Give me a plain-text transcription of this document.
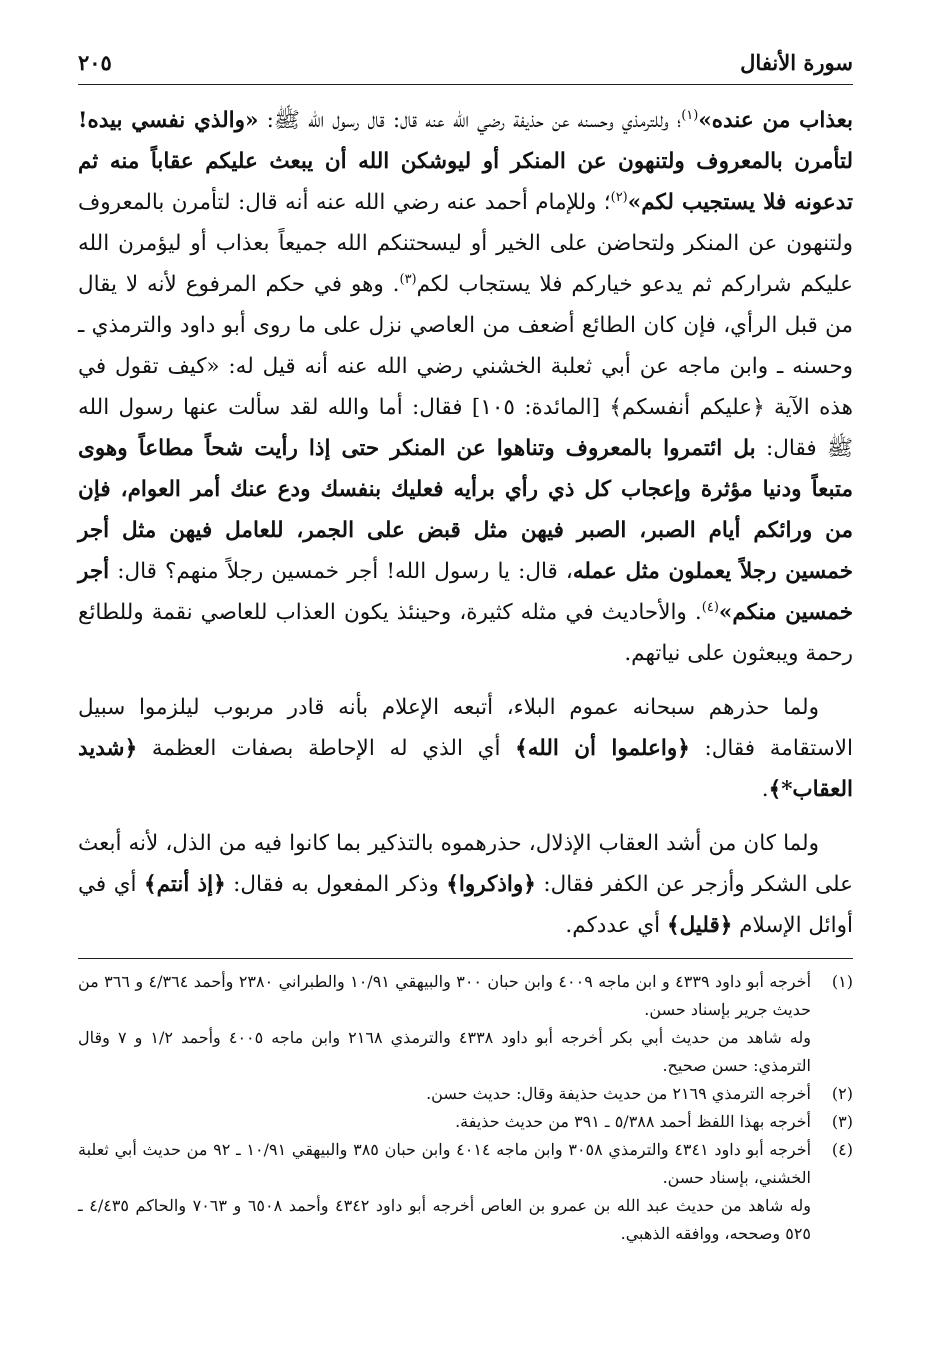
سورة الأنفال
٢٠٥

بعذاب من عنده»$^{(١)}$؛ وللترمذي وحسنه عن حذيفة رضي الله عنه قال: قال رسول الله ﷺ: «والذي نفسي بيده! لتأمرن بالمعروف ولتنهون عن المنكر أو ليوشكن الله أن يبعث عليكم عقاباً منه ثم تدعونه فلا يستجيب لكم»$^{(٢)}$؛ وللإمام أحمد عنه رضي الله عنه أنه قال: لتأمرن بالمعروف ولتنهون عن المنكر ولتحاضن على الخير أو ليسحتنكم الله جميعاً بعذاب أو ليؤمرن الله عليكم شراركم ثم يدعو خياركم فلا يستجاب لكم$^{(٣)}$. وهو في حكم المرفوع لأنه لا يقال من قبل الرأي، فإن كان الطائع أضعف من العاصي نزل على ما روى أبو داود والترمذي ـ وحسنه ـ وابن ماجه عن أبي ثعلبة الخشني رضي الله عنه أنه قيل له: «كيف تقول في هذه الآية ﴿عليكم أنفسكم﴾ [المائدة: ١٠٥] فقال: أما والله لقد سألت عنها رسول الله ﷺ فقال: بل ائتمروا بالمعروف وتناهوا عن المنكر حتى إذا رأيت شحاً مطاعاً وهوى متبعاً ودنيا مؤثرة وإعجاب كل ذي رأي برأيه فعليك بنفسك ودع عنك أمر العوام، فإن من ورائكم أيام الصبر، الصبر فيهن مثل قبض على الجمر، للعامل فيهن مثل أجر خمسين رجلاً يعملون مثل عمله، قال: يا رسول الله! أجر خمسين رجلاً منهم؟ قال: أجر خمسين منكم»$^{(٤)}$. والأحاديث في مثله كثيرة، وحينئذ يكون العذاب للعاصي نقمة وللطائع رحمة ويبعثون على نياتهم.

ولما حذرهم سبحانه عموم البلاء، أتبعه الإعلام بأنه قادر مربوب ليلزموا سبيل الاستقامة فقال: ﴿واعلموا أن الله﴾ أي الذي له الإحاطة بصفات العظمة ﴿شديد العقاب*﴾.

ولما كان من أشد العقاب الإذلال، حذرهموه بالتذكير بما كانوا فيه من الذل، لأنه أبعث على الشكر وأزجر عن الكفر فقال: ﴿واذكروا﴾ وذكر المفعول به فقال: ﴿إذ أنتم﴾ أي في أوائل الإسلام ﴿قليل﴾ أي عددكم.

(١)
أخرجه أبو داود ٤٣٣٩ و ابن ماجه ٤٠٠٩ وابن حبان ٣٠٠ والبيهقي ١٠/٩١ والطبراني ٢٣٨٠ وأحمد ٤/٣٦٤ و ٣٦٦ من حديث جرير بإسناد حسن.
وله شاهد من حديث أبي بكر أخرجه أبو داود ٤٣٣٨ والترمذي ٢١٦٨ وابن ماجه ٤٠٠٥ وأحمد ١/٢ و ٧ وقال الترمذي: حسن صحيح.
(٢)
أخرجه الترمذي ٢١٦٩ من حديث حذيفة وقال: حديث حسن.
(٣)
أخرجه بهذا اللفظ أحمد ٥/٣٨٨ ـ ٣٩١ من حديث حذيفة.
(٤)
أخرجه أبو داود ٤٣٤١ والترمذي ٣٠٥٨ وابن ماجه ٤٠١٤ وابن حبان ٣٨٥ والبيهقي ١٠/٩١ ـ ٩٢ من حديث أبي ثعلبة الخشني، بإسناد حسن.
وله شاهد من حديث عبد الله بن عمرو بن العاص أخرجه أبو داود ٤٣٤٢ وأحمد ٦٥٠٨ و ٧٠٦٣ والحاكم ٤/٤٣٥ ـ ٥٢٥ وصححه، ووافقه الذهبي.
